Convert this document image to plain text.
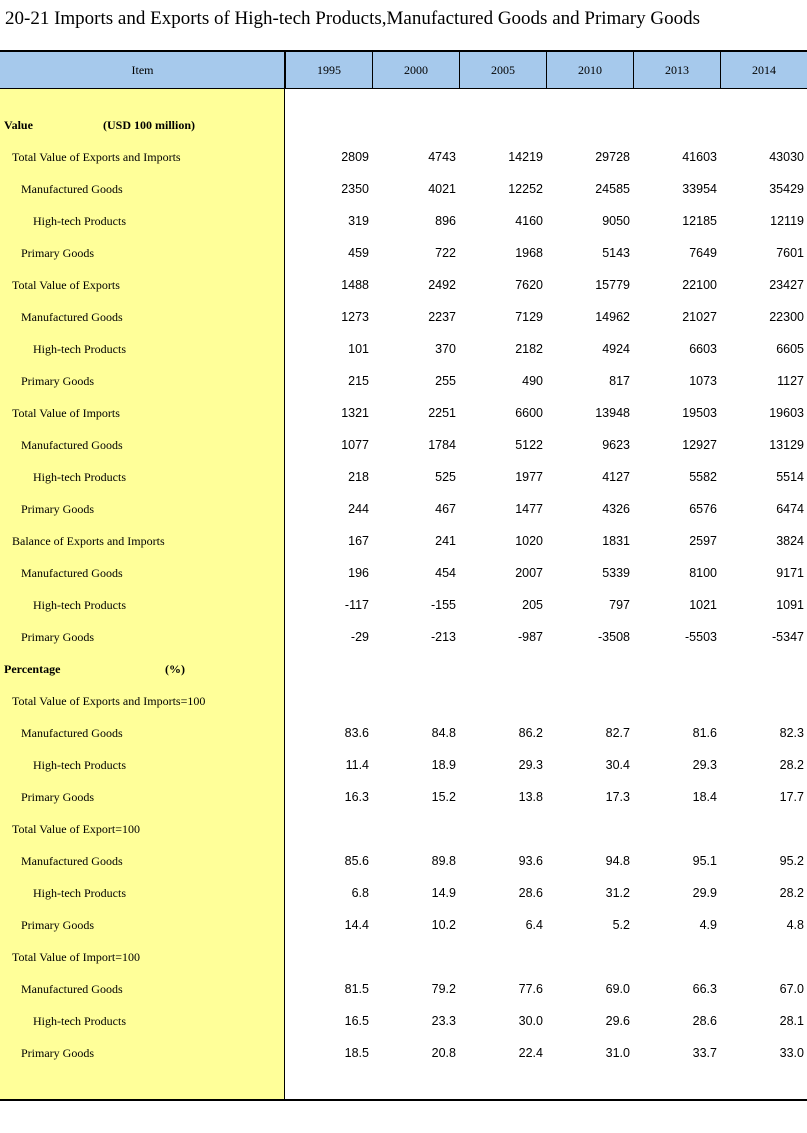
20-21 Imports and Exports of High-tech Products,Manufactured Goods and Primary Goods
Item	1995	2000	2005	2010	2013	2014
Value	(USD 100 million)
Total Value of Exports and Imports	2809	4743	14219	29728	41603	43030
Manufactured Goods	2350	4021	12252	24585	33954	35429
High-tech Products	319	896	4160	9050	12185	12119
Primary Goods	459	722	1968	5143	7649	7601
Total Value of Exports	1488	2492	7620	15779	22100	23427
Manufactured Goods	1273	2237	7129	14962	21027	22300
High-tech Products	101	370	2182	4924	6603	6605
Primary Goods	215	255	490	817	1073	1127
Total Value of Imports	1321	2251	6600	13948	19503	19603
Manufactured Goods	1077	1784	5122	9623	12927	13129
High-tech Products	218	525	1977	4127	5582	5514
Primary Goods	244	467	1477	4326	6576	6474
Balance of Exports and Imports	167	241	1020	1831	2597	3824
Manufactured Goods	196	454	2007	5339	8100	9171
High-tech Products	-117	-155	205	797	1021	1091
Primary Goods	-29	-213	-987	-3508	-5503	-5347
Percentage	(%)
Total Value of Exports and Imports=100
Manufactured Goods	83.6	84.8	86.2	82.7	81.6	82.3
High-tech Products	11.4	18.9	29.3	30.4	29.3	28.2
Primary Goods	16.3	15.2	13.8	17.3	18.4	17.7
Total Value of Export=100
Manufactured Goods	85.6	89.8	93.6	94.8	95.1	95.2
High-tech Products	6.8	14.9	28.6	31.2	29.9	28.2
Primary Goods	14.4	10.2	6.4	5.2	4.9	4.8
Total Value of Import=100
Manufactured Goods	81.5	79.2	77.6	69.0	66.3	67.0
High-tech Products	16.5	23.3	30.0	29.6	28.6	28.1
Primary Goods	18.5	20.8	22.4	31.0	33.7	33.0
